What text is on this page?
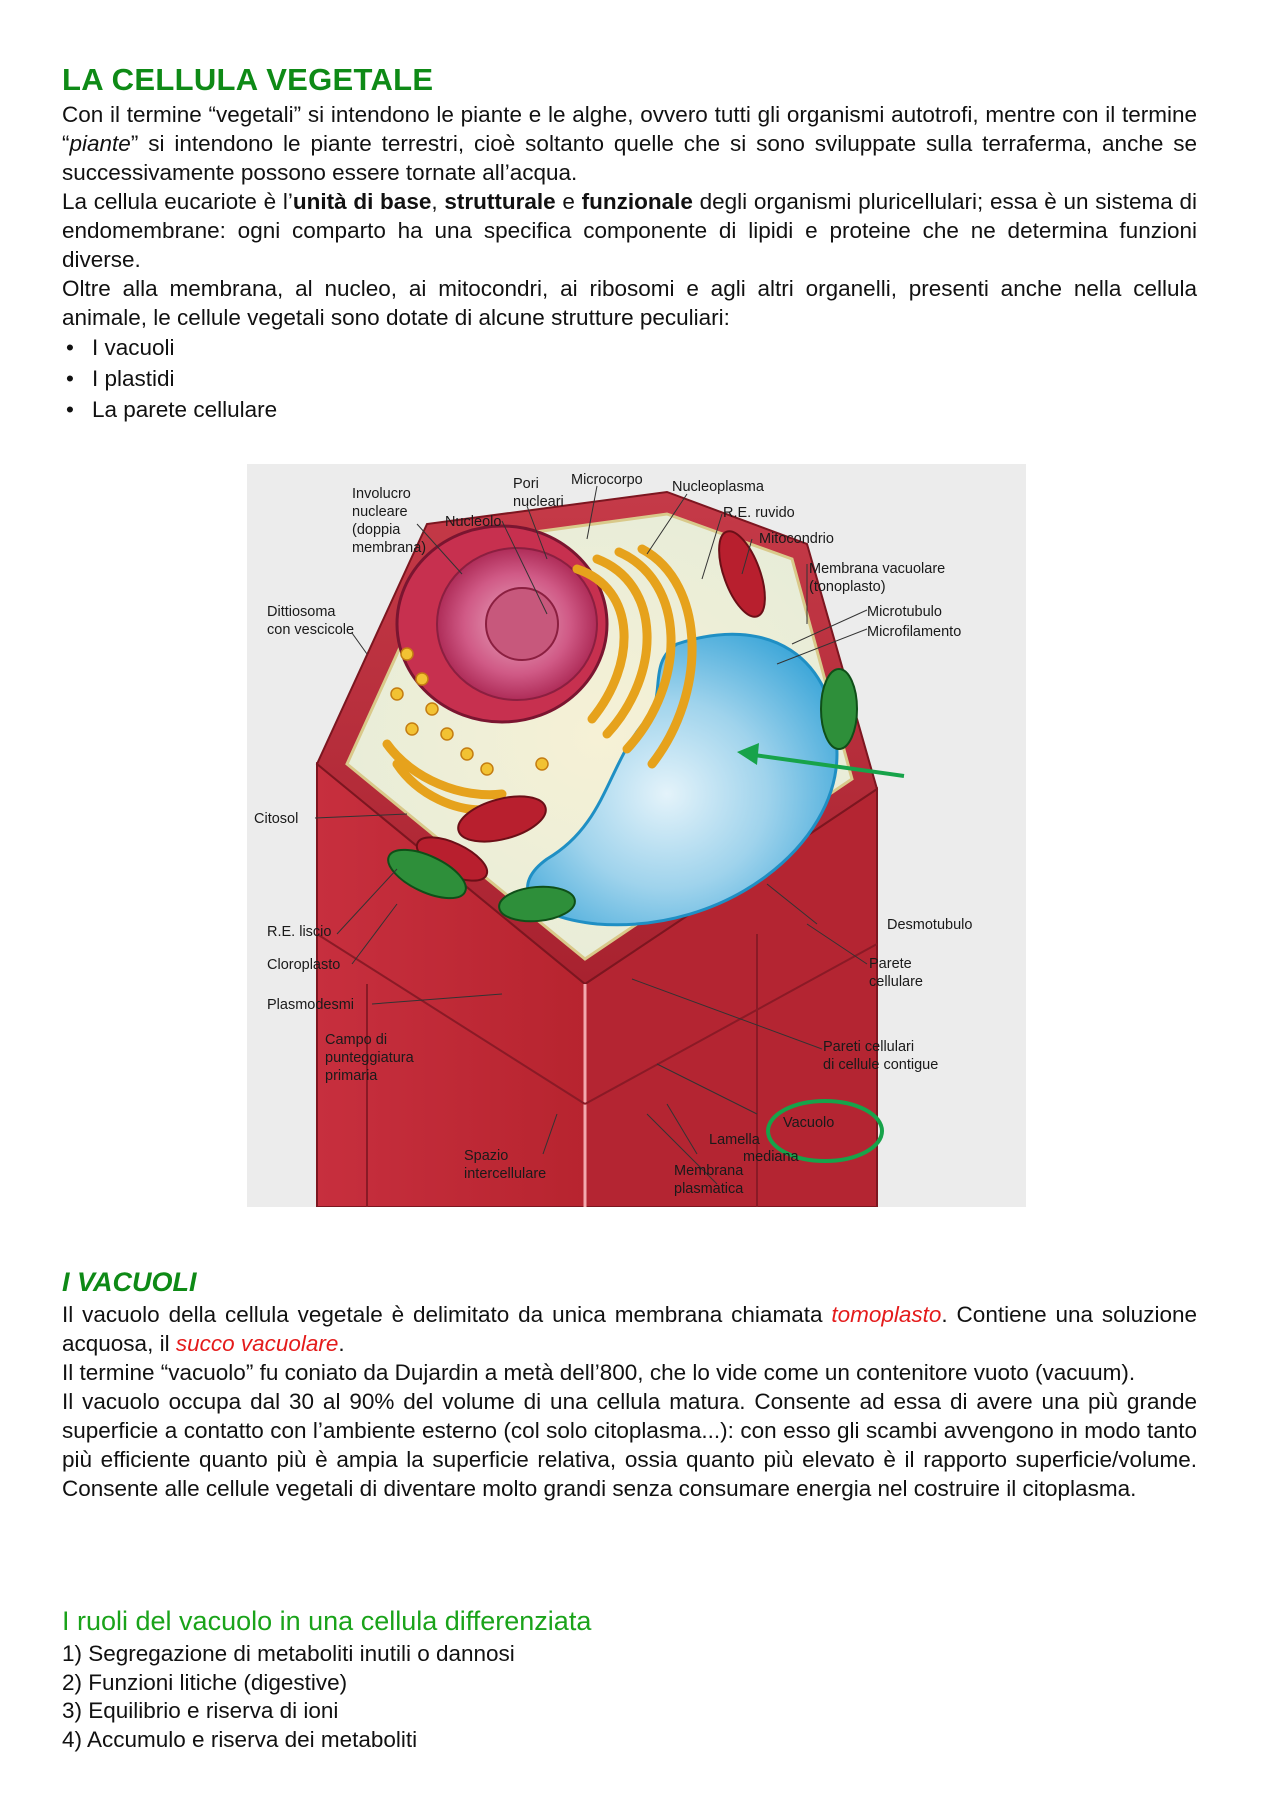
LA CELLULA VEGETALE

Con il termine “vegetali” si intendono le piante e le alghe, ovvero tutti gli organismi autotrofi, mentre con il termine “piante” si intendono le piante terrestri, cioè soltanto quelle che si sono sviluppate sulla terraferma, anche se successivamente possono essere tornate all’acqua.

La cellula eucariote è l’unità di base, strutturale e funzionale degli organismi pluricellulari; essa è un sistema di endomembrane: ogni comparto ha una specifica componente di lipidi e proteine che ne determina funzioni diverse.

Oltre alla membrana, al nucleo, ai mitocondri, ai ribosomi e agli altri organelli, presenti anche nella cellula animale, le cellule vegetali sono dotate di alcune strutture peculiari:

• I vacuoli
• I plastidi
• La parete cellulare
Involucro
nucleare
(doppia
membrana)
Pori
nucleari
Microcorpo Nucleoplasma
Nucleolo
R.E. ruvido
Mitocondrio
Membrana vacuolare
(tonoplasto)
Microtubulo
Microfilamento
Dittiosoma
con vescicole
Citosol
R.E. liscio
Cloroplasto
Plasmodesmi
Campo di
punteggiatura
primaria
Desmotubulo
Parete
cellulare
Pareti cellulari
di cellule contigue
Vacuolo
Lamella
mediana
Spazio
intercellulare	Membrana
plasmatica
I VACUOLI

Il vacuolo della cellula vegetale è delimitato da unica membrana chiamata tomoplasto. Contiene una soluzione acquosa, il succo vacuolare.

Il termine “vacuolo” fu coniato da Dujardin a metà dell’800, che lo vide come un contenitore vuoto (vacuum).

Il vacuolo occupa dal 30 al 90% del volume di una cellula matura. Consente ad essa di avere una più grande superficie a contatto con l’ambiente esterno (col solo citoplasma...): con esso gli scambi avvengono in modo tanto più efficiente quanto più è ampia la superficie relativa, ossia quanto più elevato è il rapporto superficie/volume. Consente alle cellule vegetali di diventare molto grandi senza consumare energia nel costruire il citoplasma.

I ruoli del vacuolo in una cellula differenziata
1) Segregazione di metaboliti inutili o dannosi
2) Funzioni litiche (digestive)
3) Equilibrio e riserva di ioni
4) Accumulo e riserva dei metaboliti
